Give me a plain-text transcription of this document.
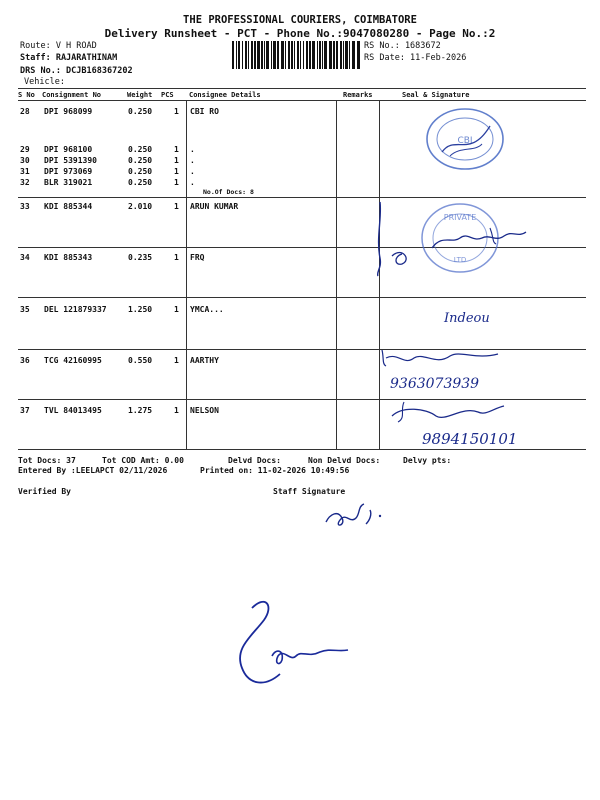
THE PROFESSIONAL COURIERS, COIMBATORE
Delivery Runsheet - PCT - Phone No.:9047080280 - Page No.:2
Route: V H ROAD
Staff: RAJARATHINAM
DRS No.: DCJB168367202
Vehicle:
RS No.: 1683672
RS Date: 11-Feb-2026
S No Consignment No	Weight PCS Consignee Details	Remarks	Seal & Signature
28 DPI 968099	0.250	1 CBI RO
29 DPI 968100	0.250	1 .
30 DPI 5391390	0.250	1 .
31 DPI 973069	0.250	1 .
32 BLR 319021	0.250	1 .
No.Of Docs: 8
33 KDI 885344	2.010	1 ARUN KUMAR
34 KDI 885343	0.235	1 FRQ
35 DEL 121879337	1.250	1 YMCA...
36 TCG 42160995	0.550	1 AARTHY
37 TVL 84013495	1.275	1 NELSON
CBI
PRIVATE
LTD
Indeou
9363073939
9894150101
Tot Docs: 37	Tot COD Amt: 0.00	Delvd Docs:	Non Delvd Docs:	Delvy pts:
Entered By :LEELAPCT 02/11/2026	Printed on: 11-02-2026 10:49:56
Verified By	Staff Signature
